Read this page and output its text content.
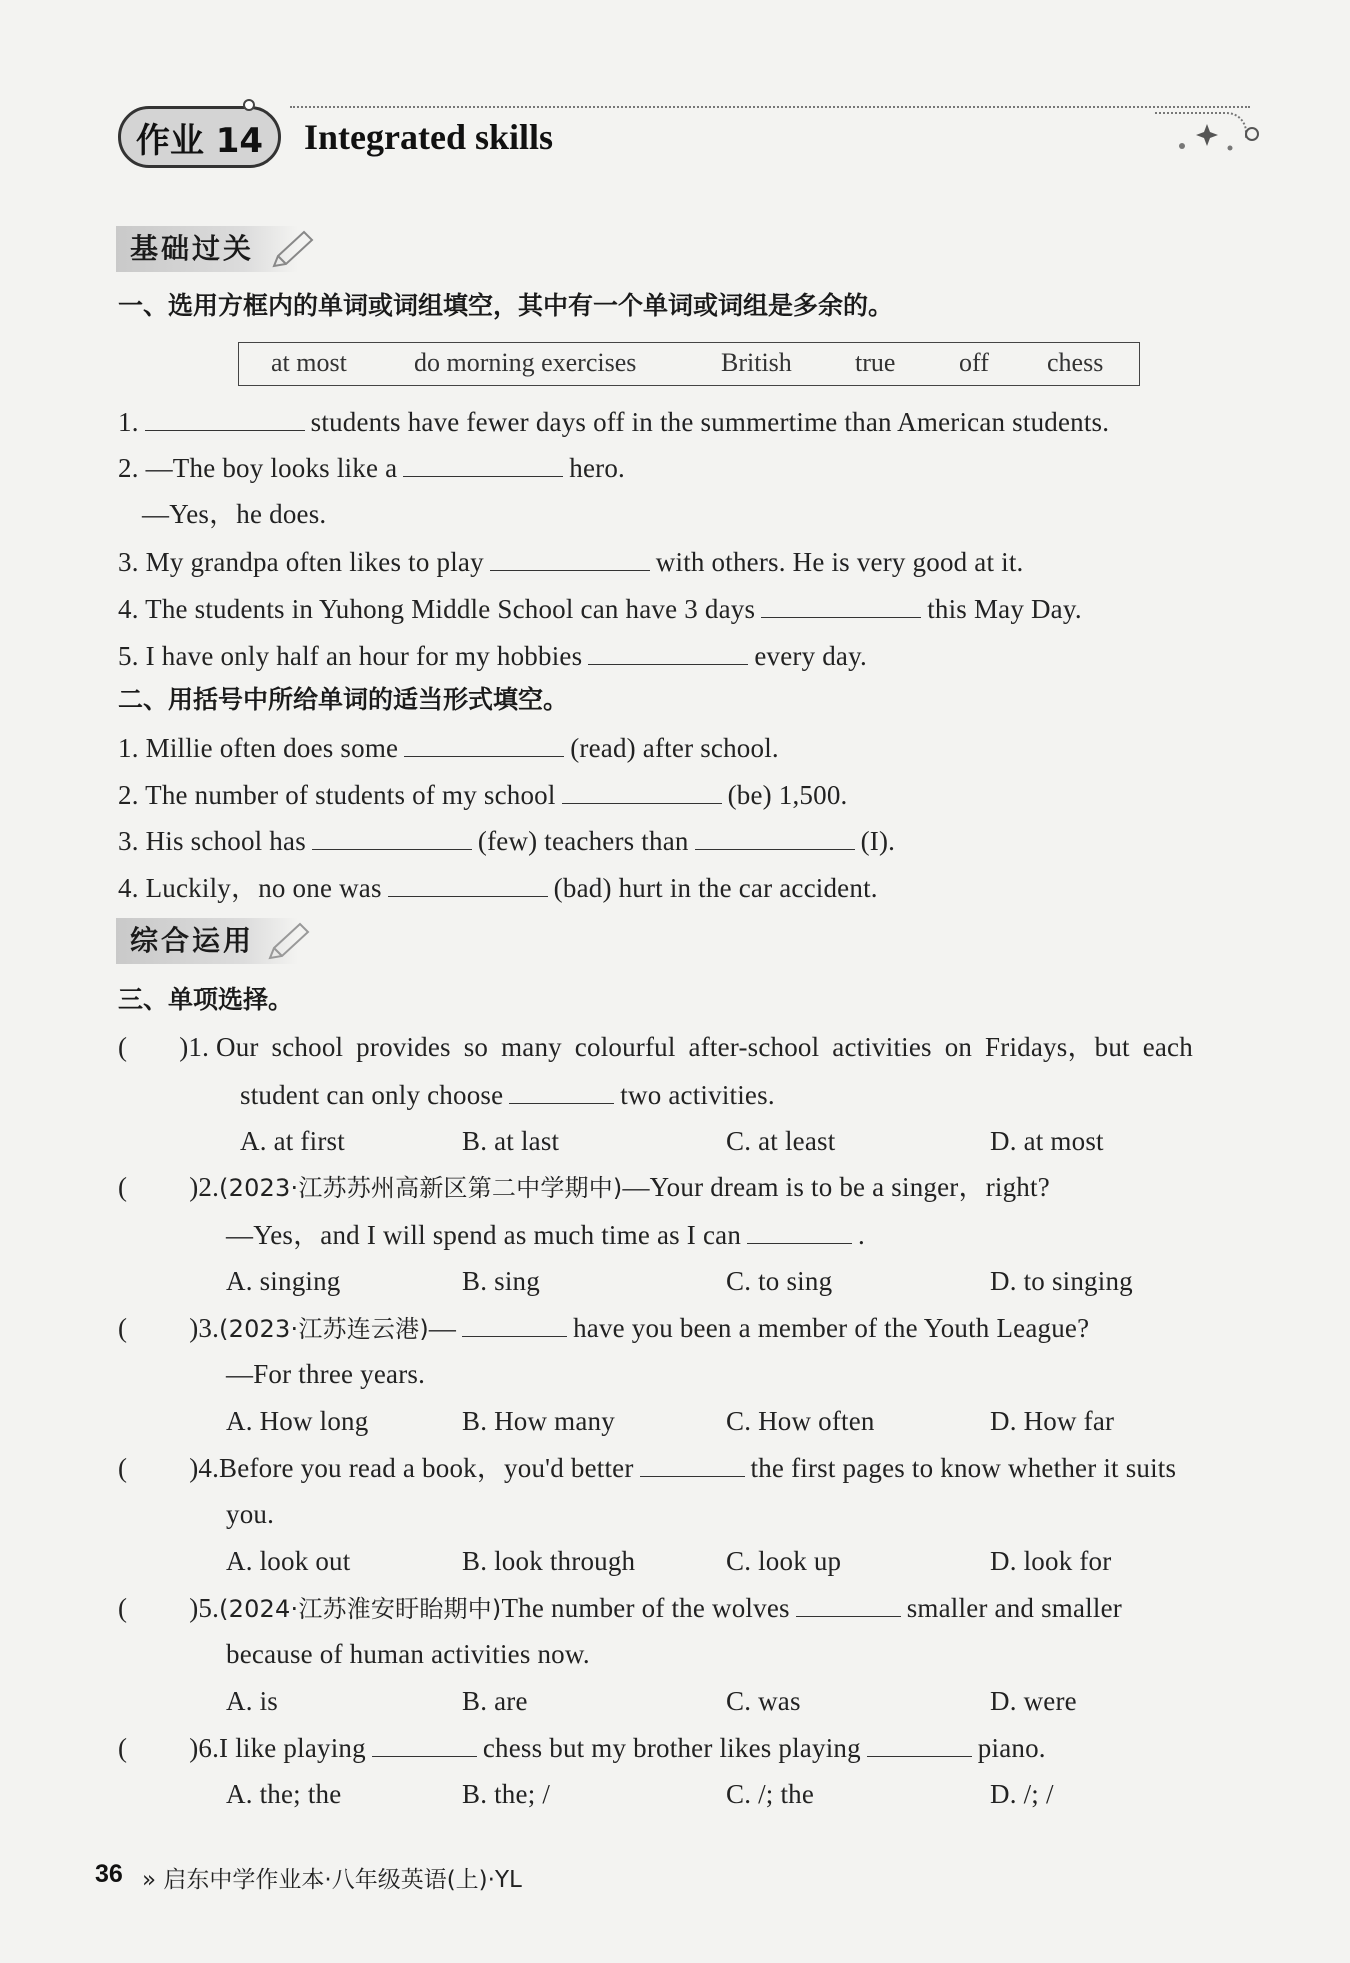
作业 14	Integrated skills
基础过关
一、选用方框内的单词或词组填空，其中有一个单词或词组是多余的。
at most	do morning exercises	British true off chess
1.	students have fewer days off in the summertime than American students.
2. —The boy looks like a	hero.
—Yes，he does.
3. My grandpa often likes to play	with others. He is very good at it.
4. The students in Yuhong Middle School can have 3 days	this May Day.
5. I have only half an hour for my hobbies	every day.
二、用括号中所给单词的适当形式填空。
1. Millie often does some	(read) after school.
2. The number of students of my school	(be) 1,500.
3. His school has	(few) teachers than	(I).
4. Luckily，no one was	(bad) hurt in the car accident.
综合运用
三、单项选择。
( )1. Our school provides so many colourful after-school activities on Fridays，but each
student can only choose	two activities.
A. at first	B. at last	C. at least	D. at most
( )2.(2023·江苏苏州高新区第二中学期中)—Your dream is to be a singer，right?
—Yes，and I will spend as much time as I can	.
A. singing	B. sing	C. to sing	D. to singing
( )3.(2023·江苏连云港)—	have you been a member of the Youth League?
—For three years.
A. How long	B. How many	C. How often	D. How far
( )4.Before you read a book，you'd better	the first pages to know whether it suits
you.
A. look out	B. look through	C. look up	D. look for
( )5.(2024·江苏淮安盱眙期中)The number of the wolves	smaller and smaller
because of human activities now.
A. is	B. are	C. was	D. were
( )6.I like playing	chess but my brother likes playing	piano.
A. the; the	B. the; /	C. /; the	D. /; /
36 » 启东中学作业本·八年级英语(上)·YL
